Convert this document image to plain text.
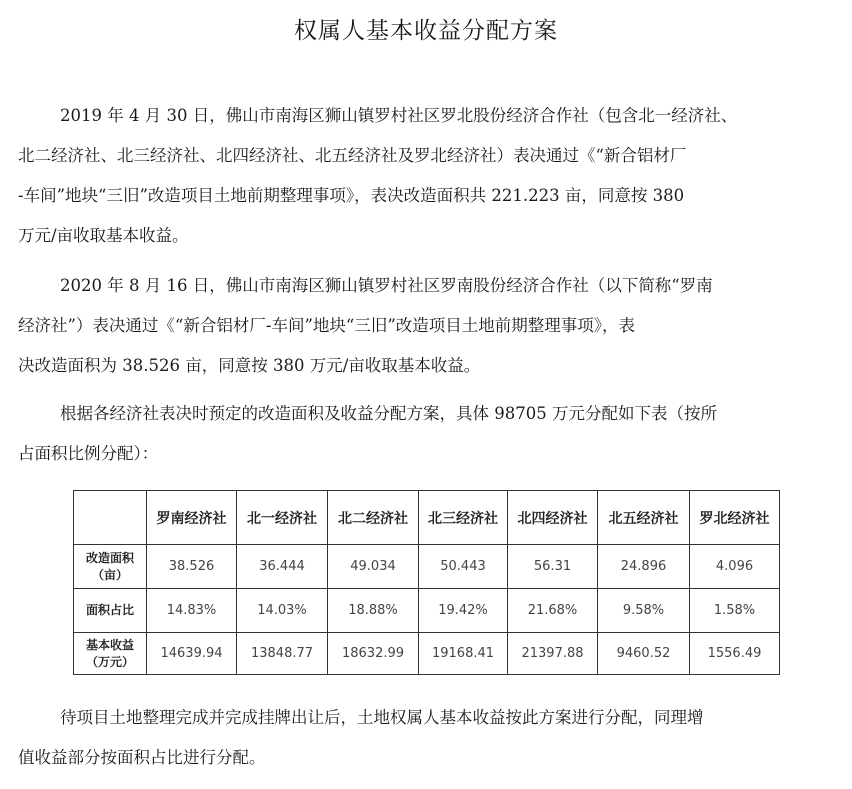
权属人基本收益分配方案
2019 年 4 月 30 日，佛山市南海区狮山镇罗村社区罗北股份经济合作社（包含北一经济社、
北二经济社、北三经济社、北四经济社、北五经济社及罗北经济社）表决通过《“新合铝材厂
-车间”地块“三旧”改造项目土地前期整理事项》，表决改造面积共 221.223 亩，同意按 380
万元/亩收取基本收益。
2020 年 8 月 16 日，佛山市南海区狮山镇罗村社区罗南股份经济合作社（以下简称“罗南
经济社”）表决通过《“新合铝材厂-车间”地块“三旧”改造项目土地前期整理事项》，表
决改造面积为 38.526 亩，同意按 380 万元/亩收取基本收益。
根据各经济社表决时预定的改造面积及收益分配方案，具体 98705 万元分配如下表（按所
占面积比例分配）：
	罗南经济社	北一经济社	北二经济社	北三经济社	北四经济社	北五经济社	罗北经济社

改造面积
（亩）	38.526	36.444	49.034	50.443	56.31	24.896	4.096

面积占比	14.83%	14.03%	18.88%	19.42%	21.68%	9.58%	1.58%

基本收益
（万元）	14639.94	13848.77	18632.99	19168.41	21397.88	9460.52	1556.49
待项目土地整理完成并完成挂牌出让后，土地权属人基本收益按此方案进行分配，同理增
值收益部分按面积占比进行分配。
